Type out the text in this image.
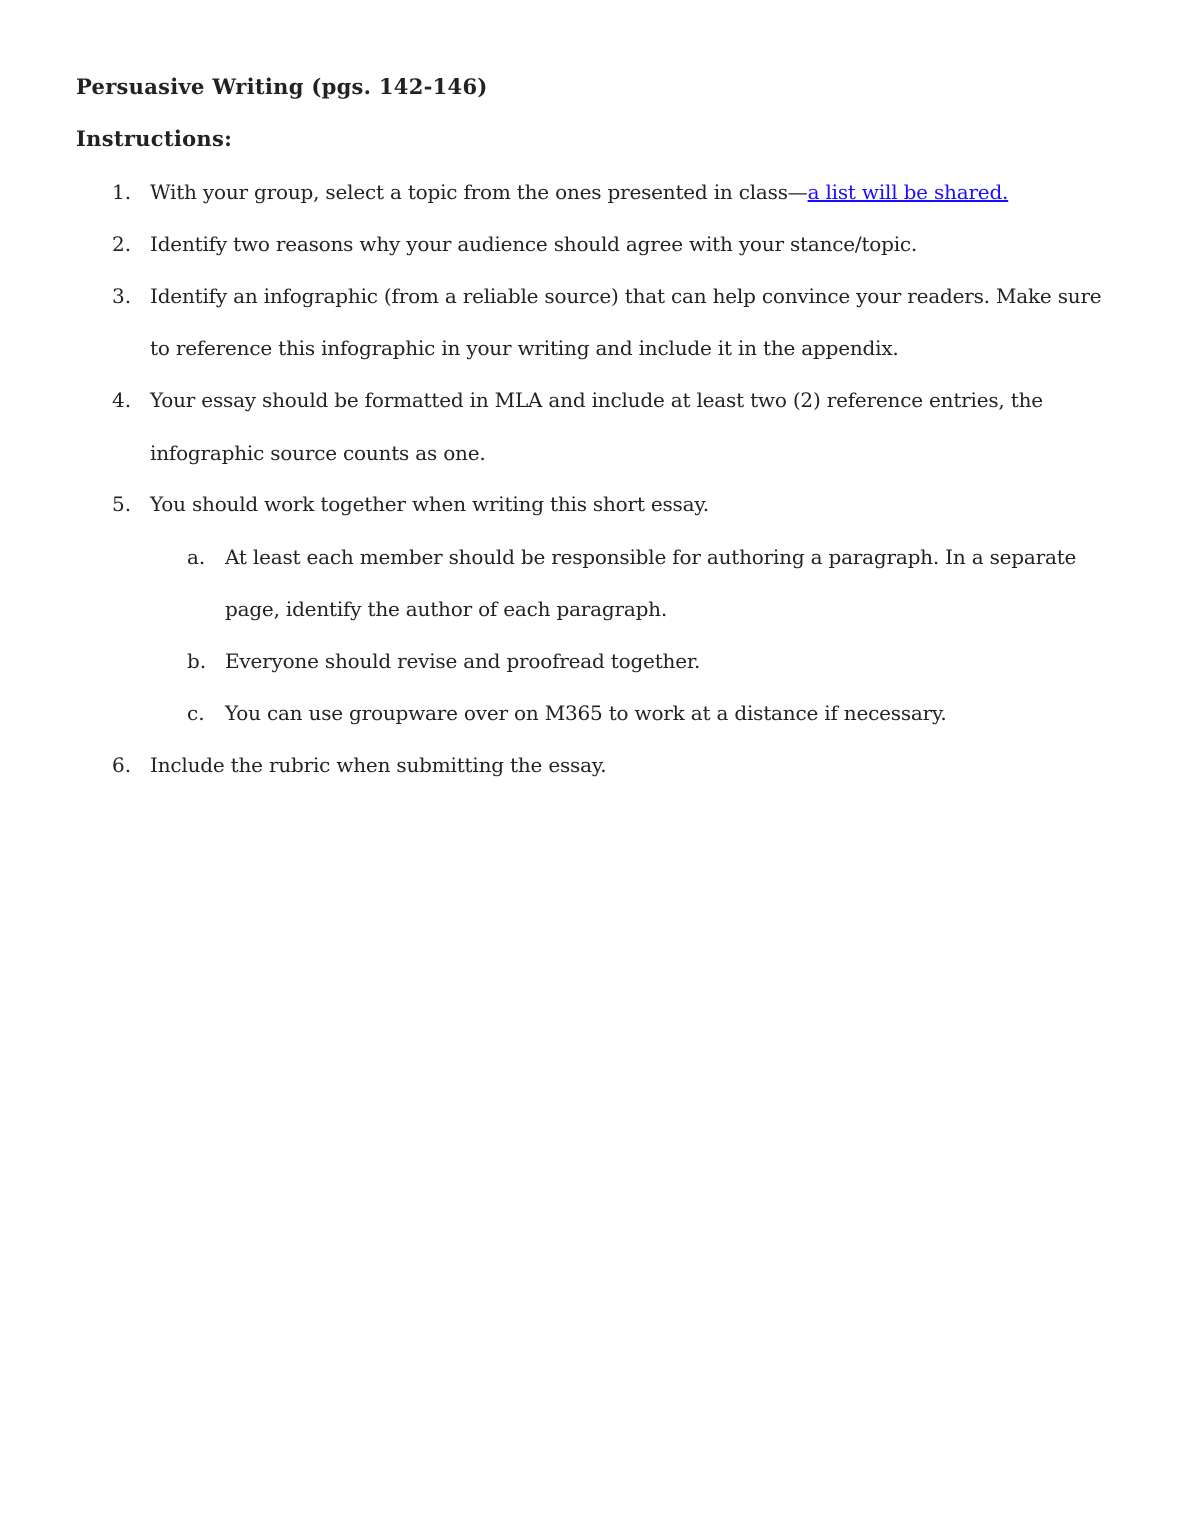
Persuasive Writing (pgs. 142-146)
Instructions:
1. With your group, select a topic from the ones presented in class—a list will be shared.
2. Identify two reasons why your audience should agree with your stance/topic.
3. Identify an infographic (from a reliable source) that can help convince your readers. Make sure
to reference this infographic in your writing and include it in the appendix.
4. Your essay should be formatted in MLA and include at least two (2) reference entries, the
infographic source counts as one.
5. You should work together when writing this short essay.
a. At least each member should be responsible for authoring a paragraph. In a separate
page, identify the author of each paragraph.
b. Everyone should revise and proofread together.
c. You can use groupware over on M365 to work at a distance if necessary.
6. Include the rubric when submitting the essay.
